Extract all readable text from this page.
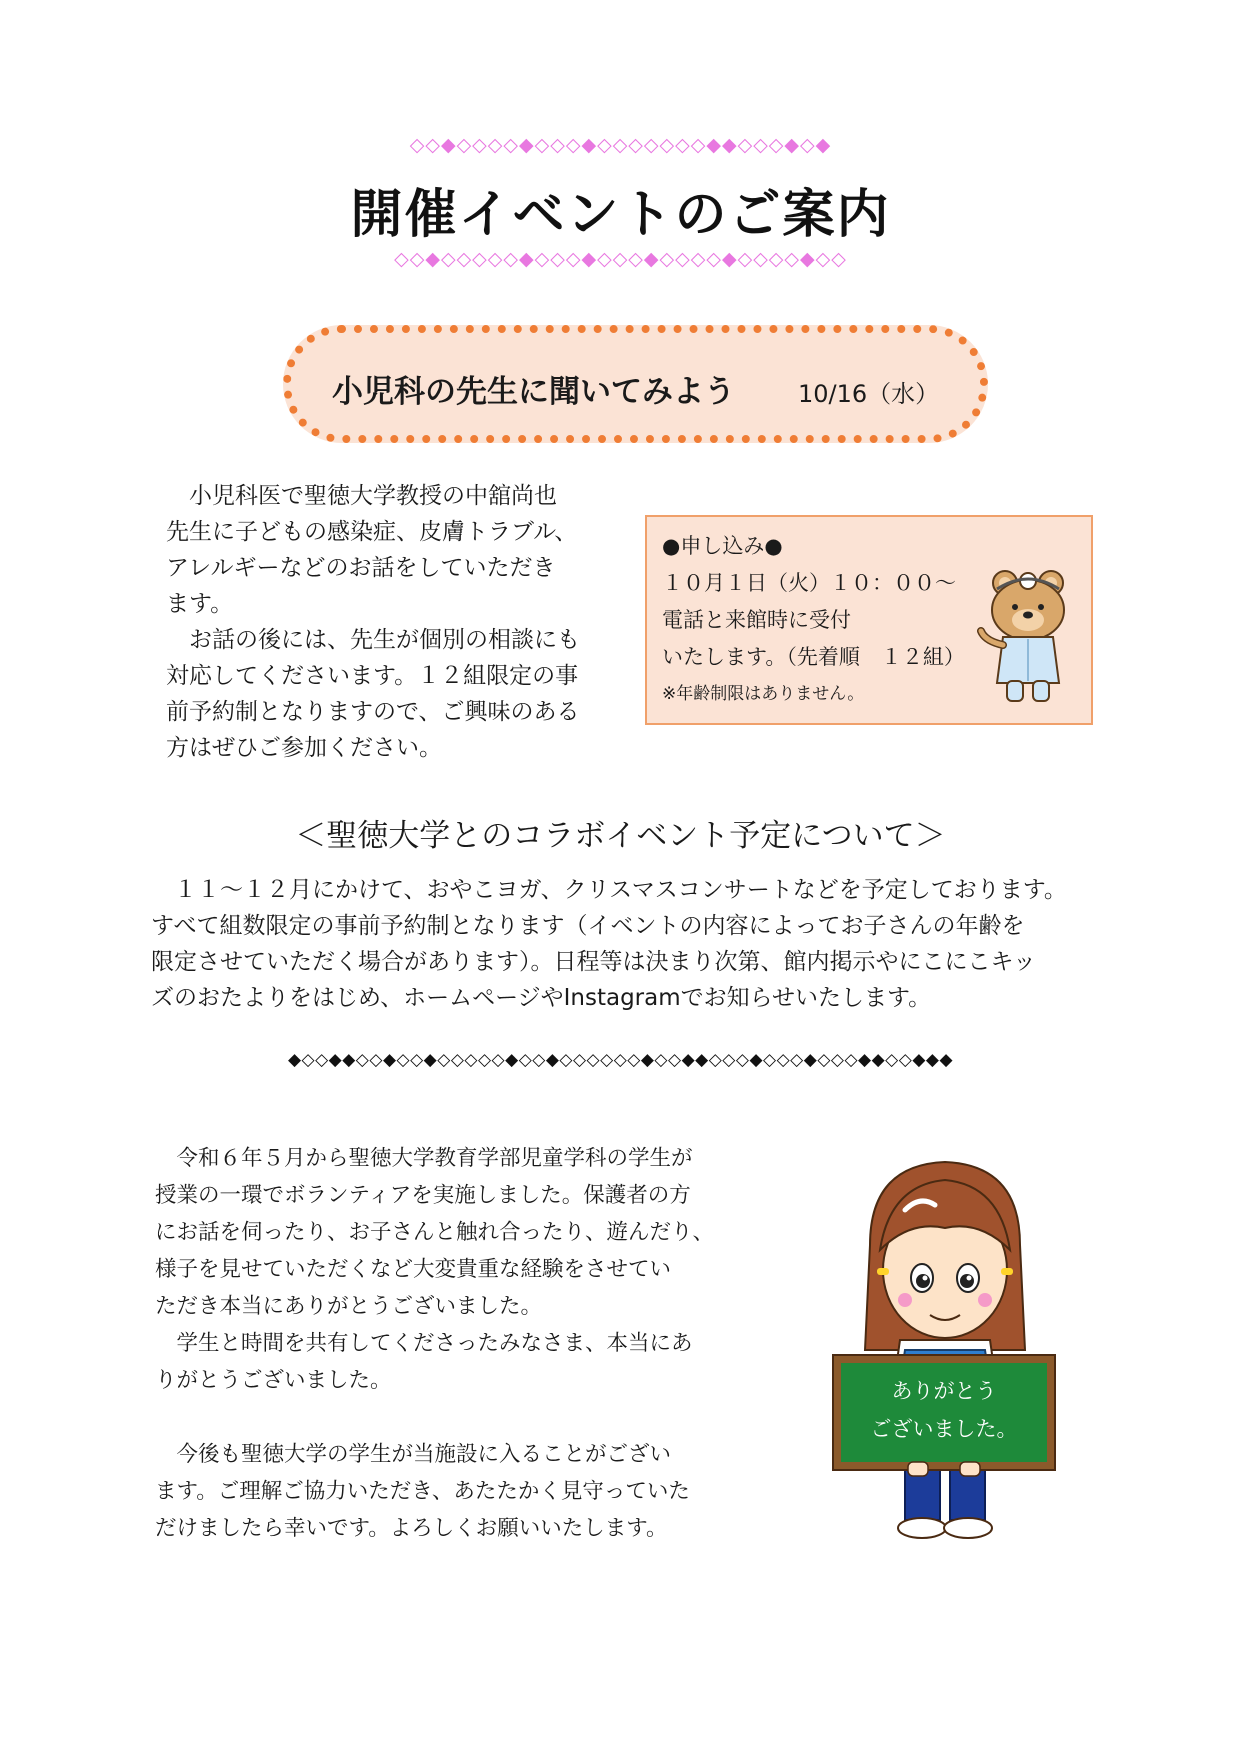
◇◇◆◇◇◇◇◆◇◇◇◆◇◇◇◇◇◇◇◆◆◇◇◇◆◇◆
開催イベントのご案内
◇◇◆◇◇◇◇◇◆◇◇◇◆◇◇◇◆◇◇◇◇◆◇◇◇◇◆◇◇
小児科の先生に聞いてみよう	10/16（水）

小児科医で聖徳大学教授の中舘尚也

先生に子どもの感染症、皮膚トラブル、

アレルギーなどのお話をしていただき

ます。

お話の後には、先生が個別の相談にも

対応してくださいます。１２組限定の事

前予約制となりますので、ご興味のある

方はぜひご参加ください。

●申し込み●
１０月１日（火）１０：００～
電話と来館時に受付
いたします。（先着順　１２組）
※年齢制限はありません。
＜聖徳大学とのコラボイベント予定について＞

１１～１２月にかけて、おやこヨガ、クリスマスコンサートなどを予定しております。

すべて組数限定の事前予約制となります（イベントの内容によってお子さんの年齢を

限定させていただく場合があります）。日程等は決まり次第、館内掲示やにこにこキッ

ズのおたよりをはじめ、ホームページやInstagramでお知らせいたします。

◆◇◇◆◆◇◇◆◇◇◆◇◇◇◇◇◆◇◇◆◇◇◇◇◇◇◆◇◇◆◆◇◇◇◆◇◇◇◆◇◇◇◆◆◇◇◆◆◆

令和６年５月から聖徳大学教育学部児童学科の学生が

授業の一環でボランティアを実施しました。保護者の方

にお話を伺ったり、お子さんと触れ合ったり、遊んだり、

様子を見せていただくなど大変貴重な経験をさせてい

ただき本当にありがとうございました。

学生と時間を共有してくださったみなさま、本当にあ

りがとうございました。

今後も聖徳大学の学生が当施設に入ることがござい

ます。ご理解ご協力いただき、あたたかく見守っていた

だけましたら幸いです。よろしくお願いいたします。

ありがとう
ございました。
